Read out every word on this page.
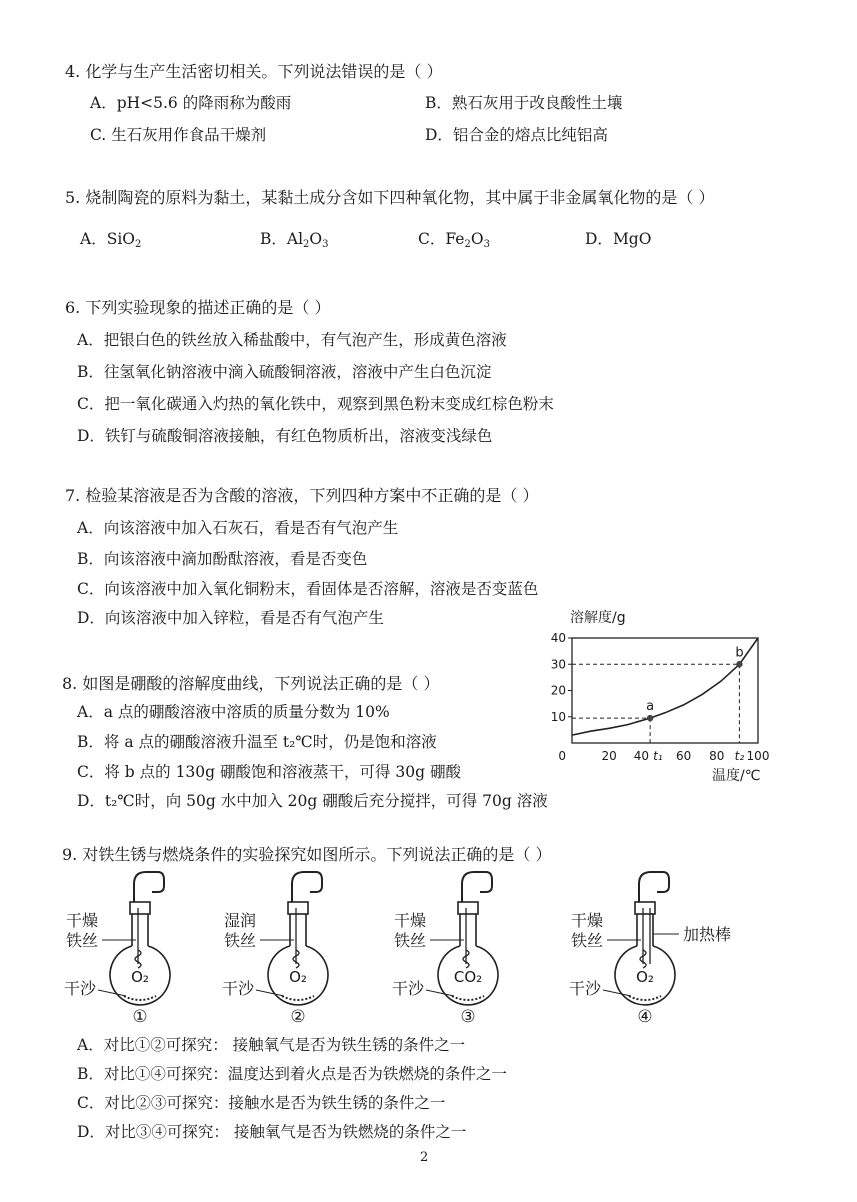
4. 化学与生产生活密切相关。下列说法错误的是（ ）
A．pH<5.6 的降雨称为酸雨	B．熟石灰用于改良酸性土壤
C. 生石灰用作食品干燥剂	D．铝合金的熔点比纯铝高
5. 烧制陶瓷的原料为黏土，某黏土成分含如下四种氧化物，其中属于非金属氧化物的是（ ）
A．SiO$_2$	B．$Al_2O_3$	C．$Fe_2O_3$	D．MgO
6. 下列实验现象的描述正确的是（ ）
A．把银白色的铁丝放入稀盐酸中，有气泡产生，形成黄色溶液
B．往氢氧化钠溶液中滴入硫酸铜溶液，溶液中产生白色沉淀
C．把一氧化碳通入灼热的氧化铁中，观察到黑色粉末变成红棕色粉末
D．铁钉与硫酸铜溶液接触，有红色物质析出，溶液变浅绿色
7. 检验某溶液是否为含酸的溶液，下列四种方案中不正确的是（ ）
A．向该溶液中加入石灰石，看是否有气泡产生
B．向该溶液中滴加酚酞溶液，看是否变色
C．向该溶液中加入氧化铜粉末，看固体是否溶解，溶液是否变蓝色
D．向该溶液中加入锌粒，看是否有气泡产生
8. 如图是硼酸的溶解度曲线，下列说法正确的是（ ）
A．a 点的硼酸溶液中溶质的质量分数为 10%
B．将 a 点的硼酸溶液升温至 t₂℃时，仍是饱和溶液
C．将 b 点的 130g 硼酸饱和溶液蒸干，可得 30g 硼酸
D．t₂℃时，向 50g 水中加入 20g 硼酸后充分搅拌，可得 70g 溶液
溶解度/g
温度/℃
10
20
30
40
0	20 40 t₁ 60 80 t₂ 100
a
b
9. 对铁生锈与燃烧条件的实验探究如图所示。下列说法正确的是（ ）
干燥
铁丝
O₂
干沙
①
湿润
铁丝
O₂
干沙
②
干燥
铁丝
CO₂
干沙
③
干燥
铁丝
O₂
干沙
④
加热棒
A．对比①②可探究： 接触氧气是否为铁生锈的条件之一
B．对比①④可探究：温度达到着火点是否为铁燃烧的条件之一
C．对比②③可探究：接触水是否为铁生锈的条件之一
D．对比③④可探究： 接触氧气是否为铁燃烧的条件之一
2
